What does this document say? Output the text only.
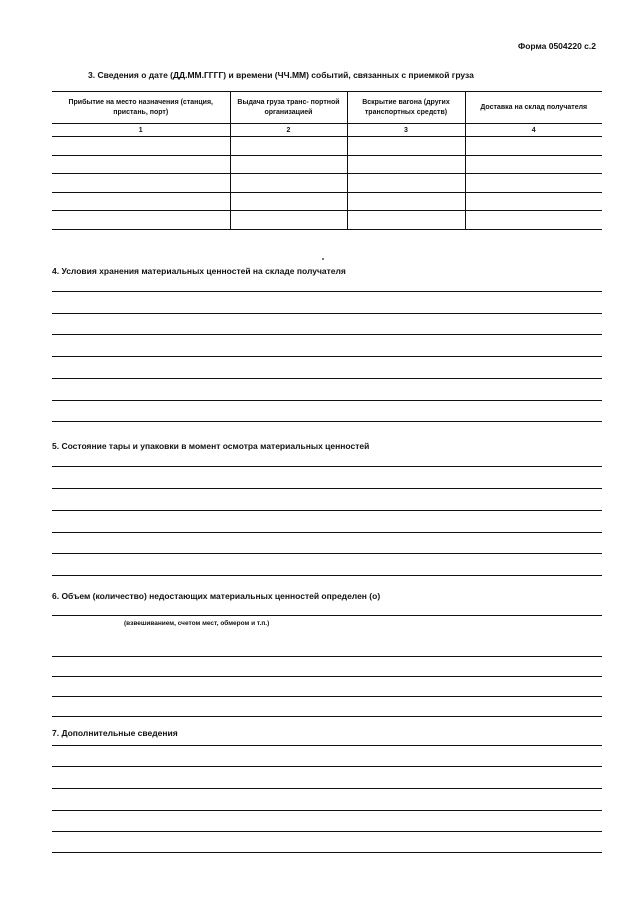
Форма 0504220 с.2
3. Сведения о дате (ДД.ММ.ГГГГ) и времени (ЧЧ.ММ) событий, связанных с приемкой груза
Прибытие на место назначения (станция, пристань, порт)	Выдача груза транс- портной организацией	Вскрытие вагона (других транспортных средств)	Доставка на склад получателя
1	2	3	4

4. Условия хранения материальных ценностей на складе получателя
5. Состояние тары и упаковки в момент осмотра материальных ценностей
6. Объем (количество) недостающих материальных ценностей определен (о)
(взвешиванием, счетом мест, обмером и т.п.)
7. Дополнительные сведения
